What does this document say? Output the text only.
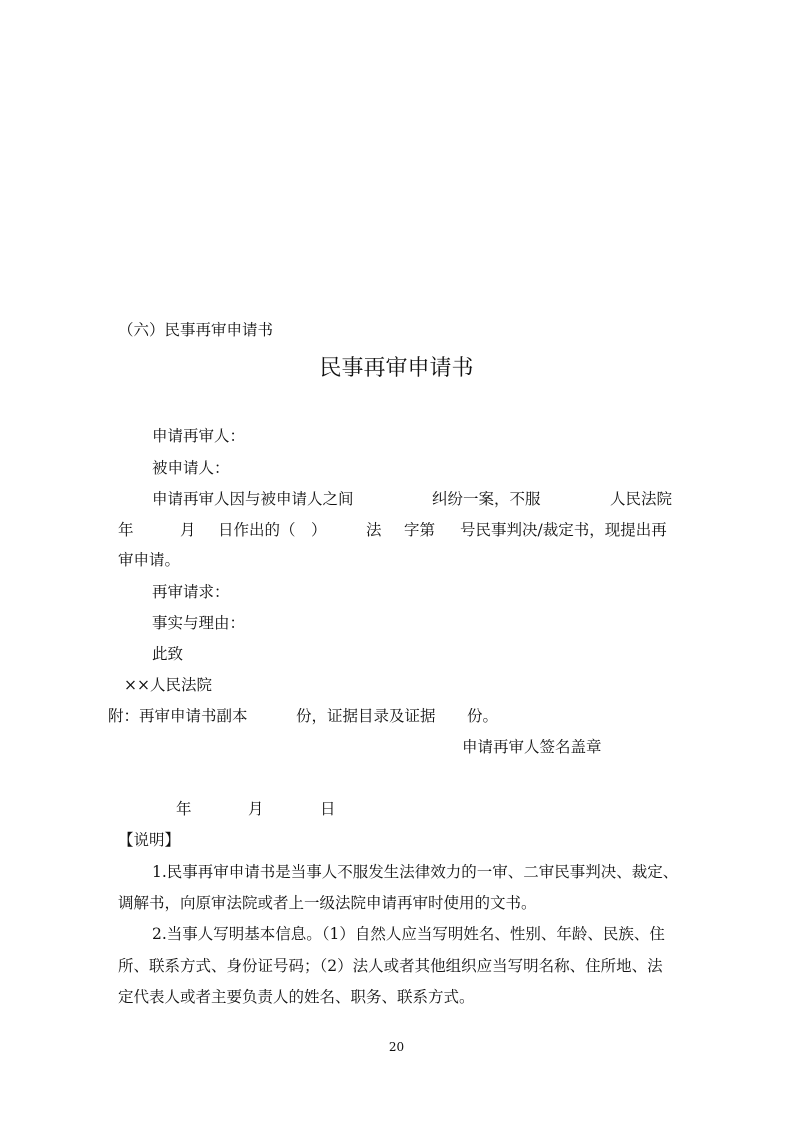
（六）民事再审申请书
民事再审申请书
申请再审人：
被申请人：
申请再审人因与被申请人之间	纠纷一案，不服	人民法院
年	月 日作出的（　）	法 字第 号民事判决/裁定书，现提出再
审申请。
再审请求：
事实与理由：
此致
××人民法院
附：再审申请书副本	份，证据目录及证据 份。
申请再审人签名盖章
年	月	日
【说明】
1.民事再审申请书是当事人不服发生法律效力的一审、二审民事判决、裁定、
调解书，向原审法院或者上一级法院申请再审时使用的文书。
2.当事人写明基本信息。（1）自然人应当写明姓名、性别、年龄、民族、住
所、联系方式、身份证号码；（2）法人或者其他组织应当写明名称、住所地、法
定代表人或者主要负责人的姓名、职务、联系方式。
20
